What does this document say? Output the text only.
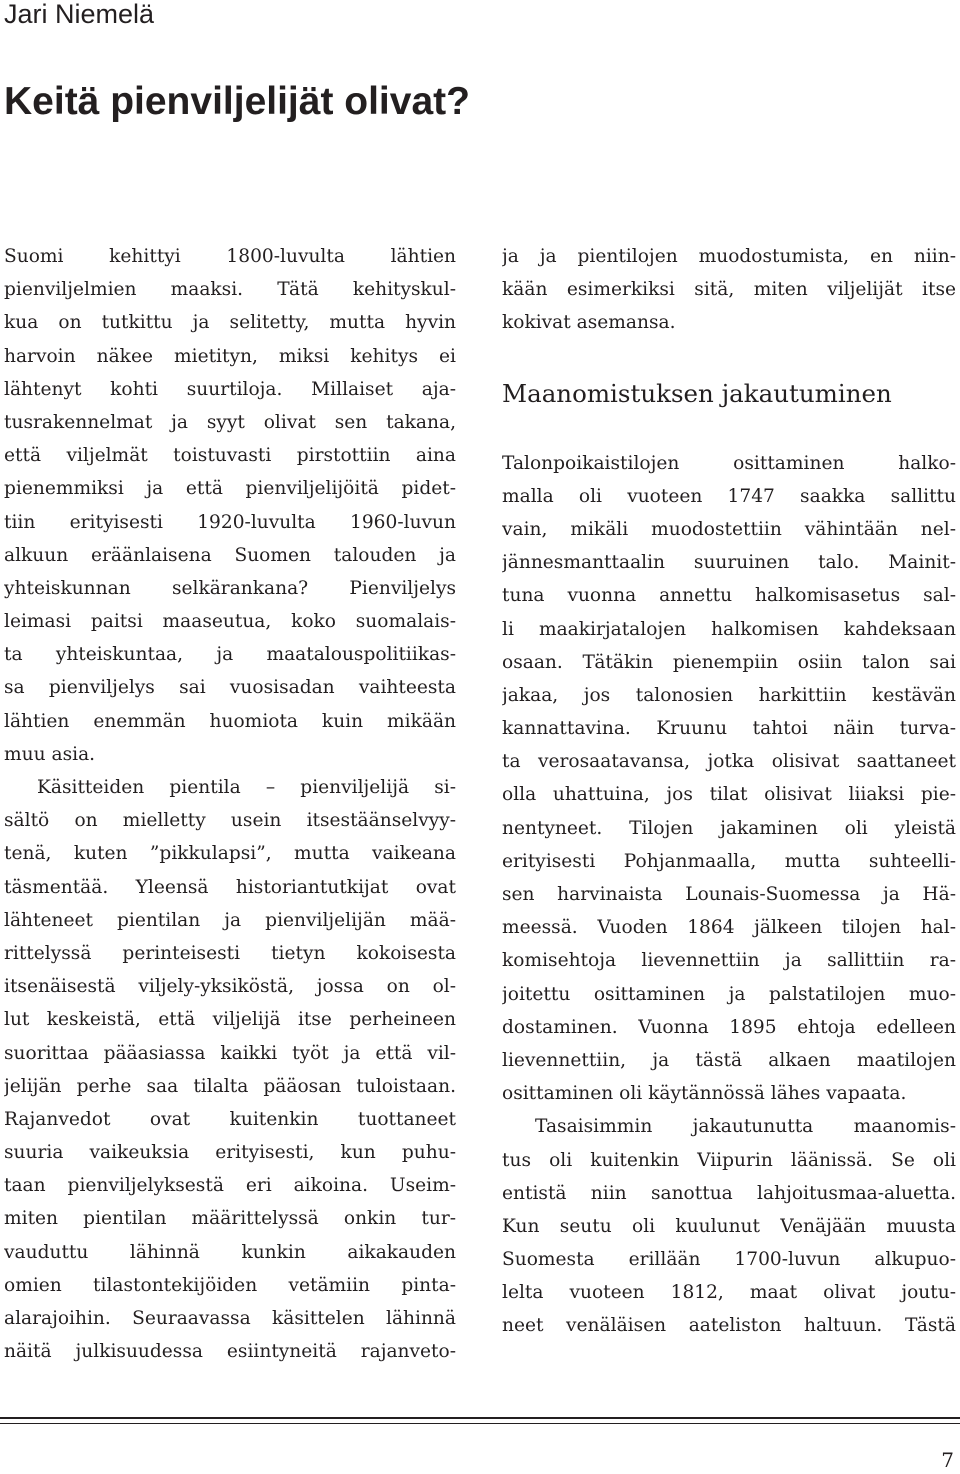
Jari Niemelä
Keitä pienviljelijät olivat?
Suomi kehittyi 1800-luvulta lähtien
pienviljelmien maaksi. Tätä kehityskul-
kua on tutkittu ja selitetty, mutta hyvin
harvoin näkee mietityn, miksi kehitys ei
lähtenyt kohti suurtiloja. Millaiset aja-
tusrakennelmat ja syyt olivat sen takana,
että viljelmät toistuvasti pirstottiin aina
pienemmiksi ja että pienviljelijöitä pidet-
tiin erityisesti 1920-luvulta 1960-luvun
alkuun eräänlaisena Suomen talouden ja
yhteiskunnan selkärankana? Pienviljelys
leimasi paitsi maaseutua, koko suomalais-
ta yhteiskuntaa, ja maatalouspolitiikas-
sa pienviljelys sai vuosisadan vaihteesta
lähtien enemmän huomiota kuin mikään
muu asia.
Käsitteiden pientila – pienviljelijä si-
sältö on mielletty usein itsestäänselvyy-
tenä, kuten ”pikkulapsi”, mutta vaikeana
täsmentää. Yleensä historiantutkijat ovat
lähteneet pientilan ja pienviljelijän mää-
rittelyssä perinteisesti tietyn kokoisesta
itsenäisestä viljely-yksiköstä, jossa on ol-
lut keskeistä, että viljelijä itse perheineen
suorittaa pääasiassa kaikki työt ja että vil-
jelijän perhe saa tilalta pääosan tuloistaan.
Rajanvedot ovat kuitenkin tuottaneet
suuria vaikeuksia erityisesti, kun puhu-
taan pienviljelyksestä eri aikoina. Useim-
miten pientilan määrittelyssä onkin tur-
vauduttu lähinnä kunkin aikakauden
omien tilastontekijöiden vetämiin pinta-
alarajoihin. Seuraavassa käsittelen lähinnä
näitä julkisuudessa esiintyneitä rajanveto-
ja ja pientilojen muodostumista, en niin-
kään esimerkiksi sitä, miten viljelijät itse
kokivat asemansa.
Maanomistuksen jakautuminen
Talonpoikaistilojen osittaminen halko-
malla oli vuoteen 1747 saakka sallittu
vain, mikäli muodostettiin vähintään nel-
jännesmanttaalin suuruinen talo. Mainit-
tuna vuonna annettu halkomisasetus sal-
li maakirjatalojen halkomisen kahdeksaan
osaan. Tätäkin pienempiin osiin talon sai
jakaa, jos talonosien harkittiin kestävän
kannattavina. Kruunu tahtoi näin turva-
ta verosaatavansa, jotka olisivat saattaneet
olla uhattuina, jos tilat olisivat liiaksi pie-
nentyneet. Tilojen jakaminen oli yleistä
erityisesti Pohjanmaalla, mutta suhteelli-
sen harvinaista Lounais-Suomessa ja Hä-
meessä. Vuoden 1864 jälkeen tilojen hal-
komisehtoja lievennettiin ja sallittiin ra-
joitettu osittaminen ja palstatilojen muo-
dostaminen. Vuonna 1895 ehtoja edelleen
lievennettiin, ja tästä alkaen maatilojen
osittaminen oli käytännössä lähes vapaata.
Tasaisimmin jakautunutta maanomis-
tus oli kuitenkin Viipurin läänissä. Se oli
entistä niin sanottua lahjoitusmaa-aluetta.
Kun seutu oli kuulunut Venäjään muusta
Suomesta erillään 1700-luvun alkupuo-
lelta vuoteen 1812, maat olivat joutu-
neet venäläisen aateliston haltuun. Tästä
7
